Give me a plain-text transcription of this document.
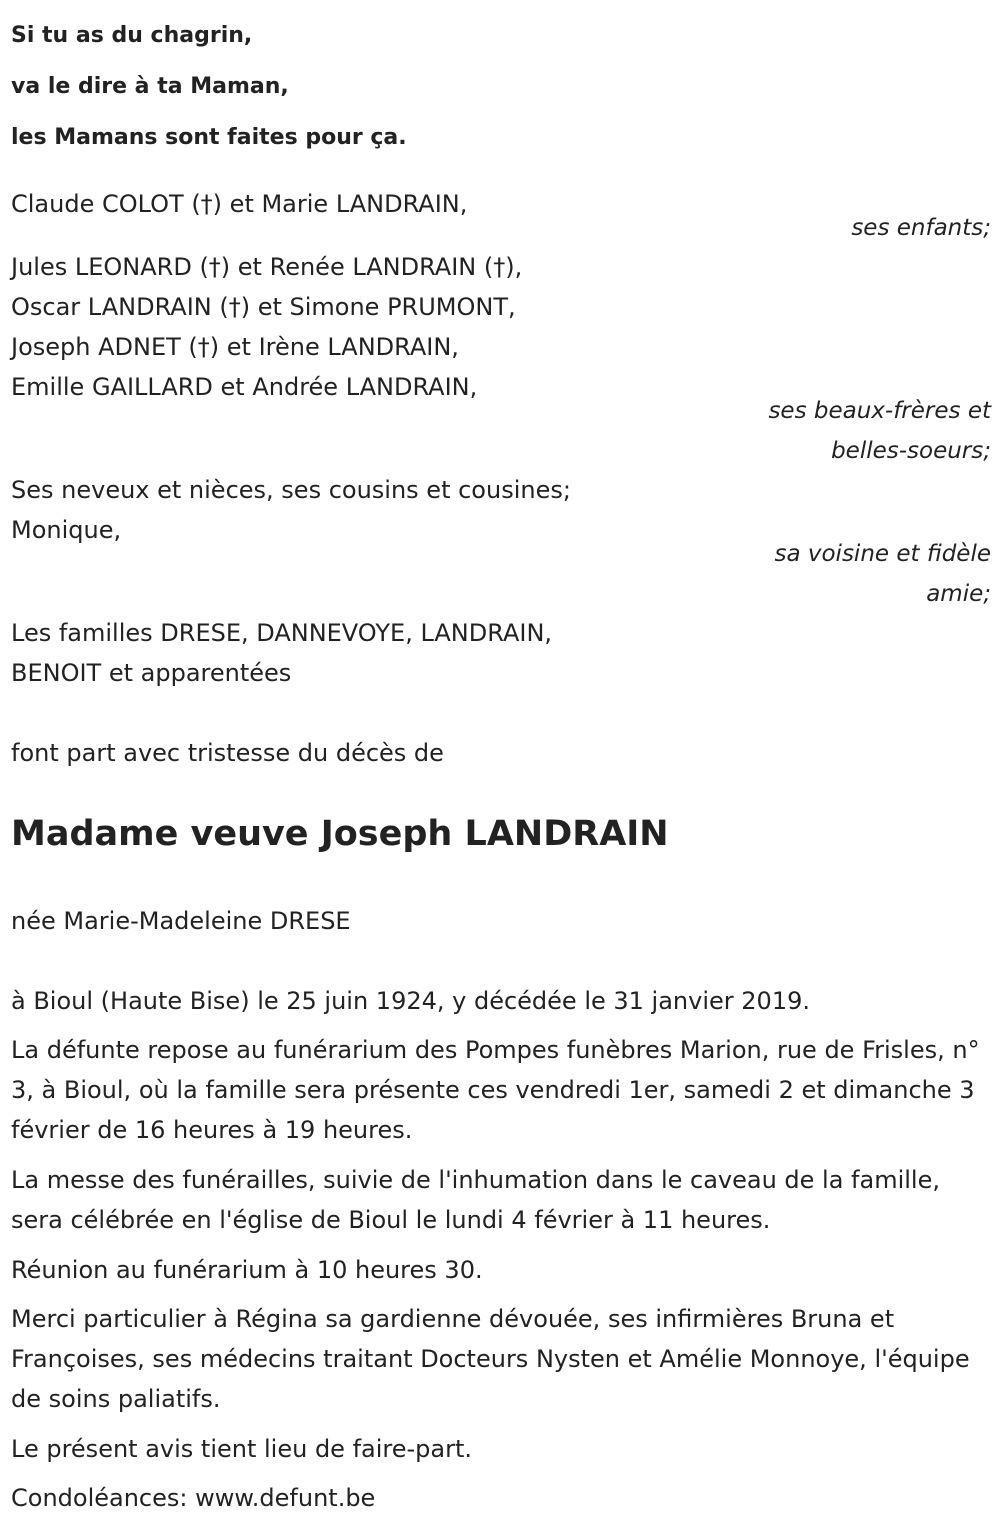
Si tu as du chagrin,
va le dire à ta Maman,
les Mamans sont faites pour ça.
Claude COLOT (†) et Marie LANDRAIN,
ses enfants;
Jules LEONARD (†) et Renée LANDRAIN (†),
Oscar LANDRAIN (†) et Simone PRUMONT,
Joseph ADNET (†) et Irène LANDRAIN,
Emille GAILLARD et Andrée LANDRAIN,
ses beaux-frères et
belles-soeurs;
Ses neveux et nièces, ses cousins et cousines;
Monique,
sa voisine et fidèle
amie;
Les familles DRESE, DANNEVOYE, LANDRAIN,
BENOIT et apparentées
font part avec tristesse du décès de
Madame veuve Joseph LANDRAIN
née Marie-Madeleine DRESE
à Bioul (Haute Bise) le 25 juin 1924, y décédée le 31 janvier 2019.
La défunte repose au funérarium des Pompes funèbres Marion, rue de Frisles, n° 3, à Bioul, où la famille sera présente ces vendredi 1er, samedi 2 et dimanche 3 février de 16 heures à 19 heures.
La messe des funérailles, suivie de l'inhumation dans le caveau de la famille, sera célébrée en l'église de Bioul le lundi 4 février à 11 heures.
Réunion au funérarium à 10 heures 30.
Merci particulier à Régina sa gardienne dévouée, ses infirmières Bruna et Françoises, ses médecins traitant Docteurs Nysten et Amélie Monnoye, l'équipe de soins paliatifs.
Le présent avis tient lieu de faire-part.
Condoléances: www.defunt.be
